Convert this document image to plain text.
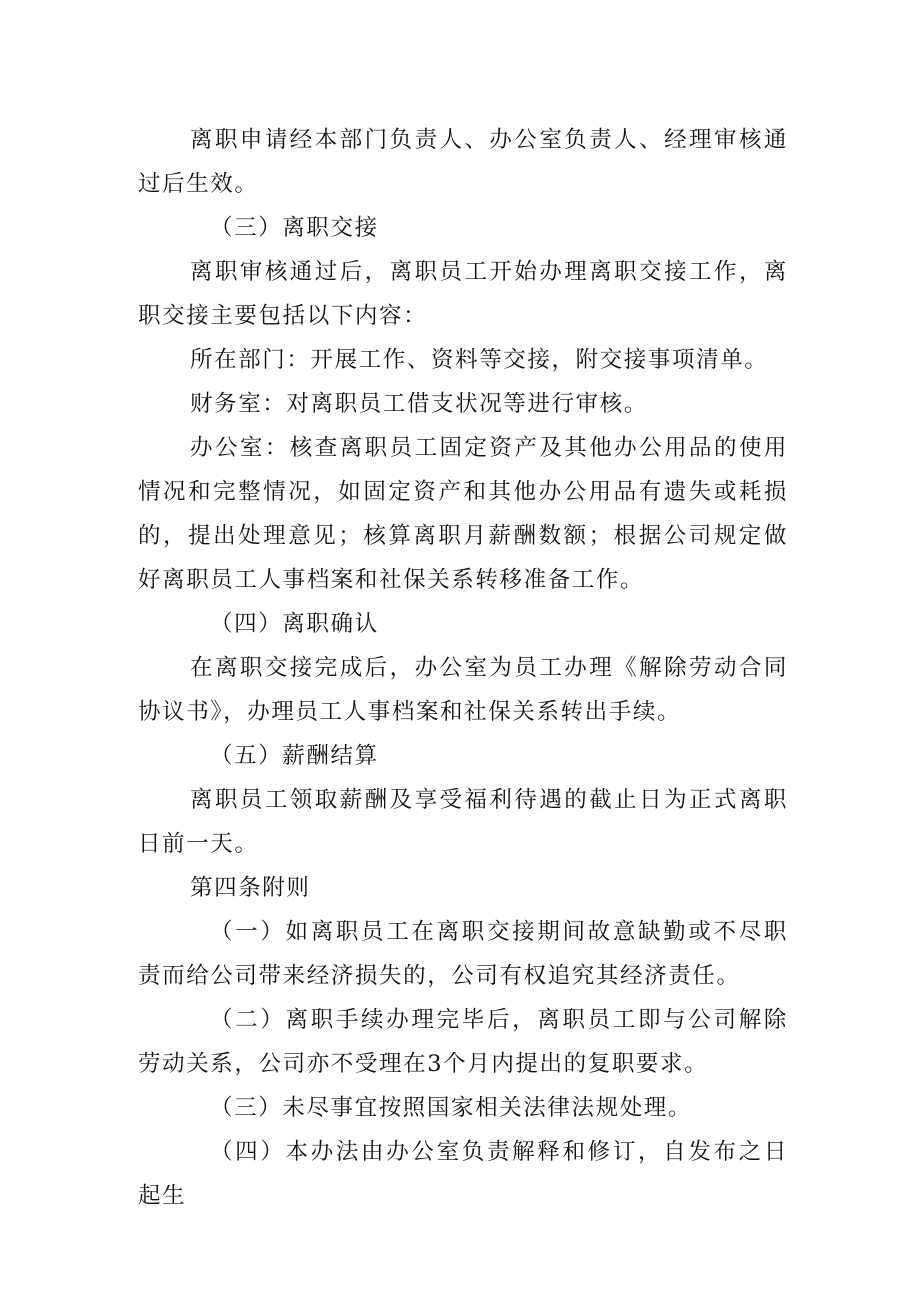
离职申请经本部门负责人、办公室负责人、经理审核通过后生效。

（三）离职交接

离职审核通过后，离职员工开始办理离职交接工作，离职交接主要包括以下内容：

所在部门：开展工作、资料等交接，附交接事项清单。

财务室：对离职员工借支状况等进行审核。

办公室：核查离职员工固定资产及其他办公用品的使用情况和完整情况，如固定资产和其他办公用品有遗失或耗损的，提出处理意见；核算离职月薪酬数额；根据公司规定做好离职员工人事档案和社保关系转移准备工作。

（四）离职确认

在离职交接完成后，办公室为员工办理《解除劳动合同协议书》，办理员工人事档案和社保关系转出手续。

（五）薪酬结算

离职员工领取薪酬及享受福利待遇的截止日为正式离职日前一天。

第四条附则

（一）如离职员工在离职交接期间故意缺勤或不尽职责而给公司带来经济损失的，公司有权追究其经济责任。

（二）离职手续办理完毕后，离职员工即与公司解除劳动关系，公司亦不受理在3个月内提出的复职要求。

（三）未尽事宜按照国家相关法律法规处理。

（四）本办法由办公室负责解释和修订，自发布之日起生
